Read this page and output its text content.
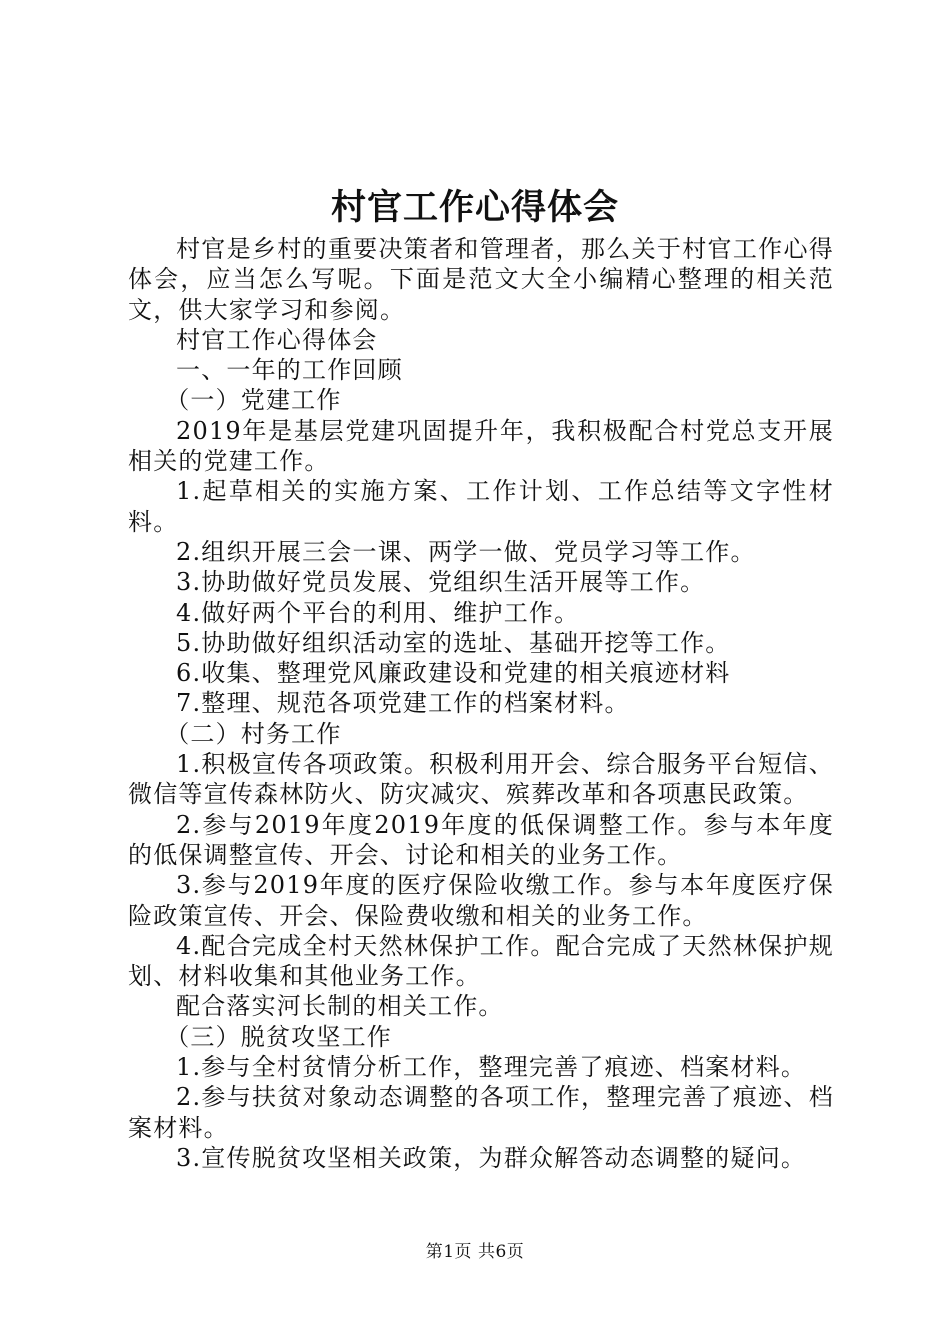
村官工作心得体会

村官是乡村的重要决策者和管理者，那么关于村官工作心得体会，应当怎么写呢。下面是范文大全小编精心整理的相关范文，供大家学习和参阅。

村官工作心得体会

一、一年的工作回顾

（一）党建工作

2019年是基层党建巩固提升年，我积极配合村党总支开展相关的党建工作。

1.起草相关的实施方案、工作计划、工作总结等文字性材料。

2.组织开展三会一课、两学一做、党员学习等工作。

3.协助做好党员发展、党组织生活开展等工作。

4.做好两个平台的利用、维护工作。

5.协助做好组织活动室的选址、基础开挖等工作。

6.收集、整理党风廉政建设和党建的相关痕迹材料

7.整理、规范各项党建工作的档案材料。

（二）村务工作

1.积极宣传各项政策。积极利用开会、综合服务平台短信、微信等宣传森林防火、防灾减灾、殡葬改革和各项惠民政策。

2.参与2019年度2019年度的低保调整工作。参与本年度的低保调整宣传、开会、讨论和相关的业务工作。

3.参与2019年度的医疗保险收缴工作。参与本年度医疗保险政策宣传、开会、保险费收缴和相关的业务工作。

4.配合完成全村天然林保护工作。配合完成了天然林保护规划、材料收集和其他业务工作。

配合落实河长制的相关工作。

（三）脱贫攻坚工作

1.参与全村贫情分析工作，整理完善了痕迹、档案材料。

2.参与扶贫对象动态调整的各项工作，整理完善了痕迹、档案材料。

3.宣传脱贫攻坚相关政策，为群众解答动态调整的疑问。

第1页 共6页
